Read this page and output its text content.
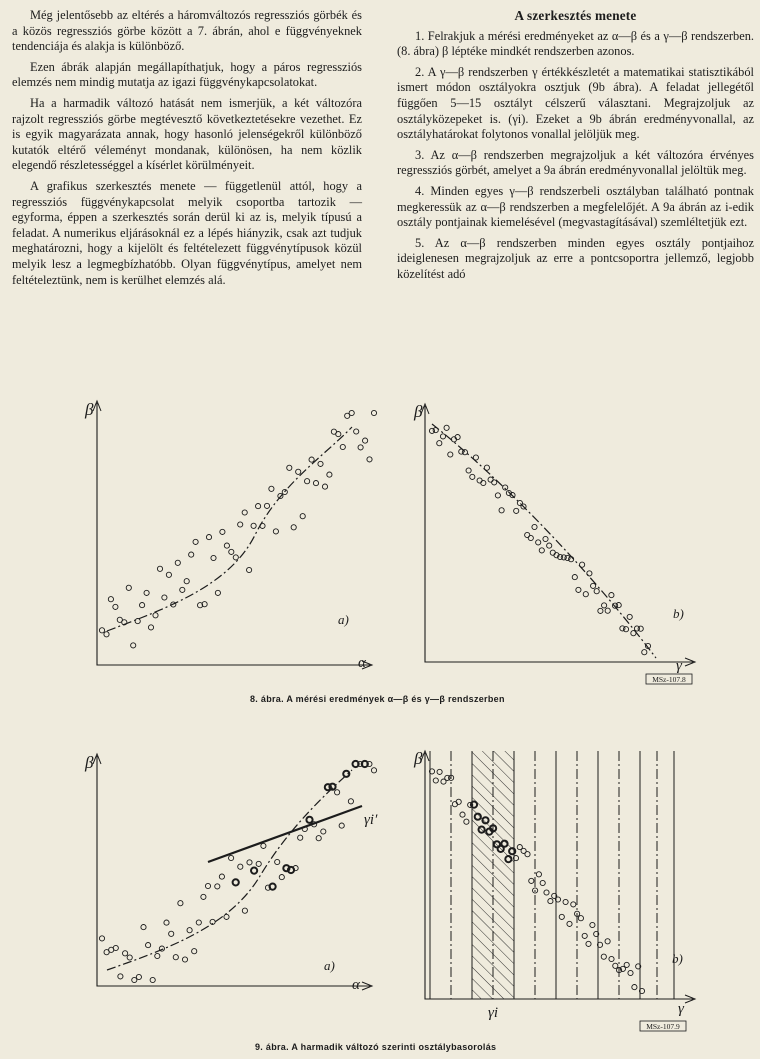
Még jelentősebb az eltérés a háromváltozós regressziós görbék és a közös regressziós görbe között a 7. ábrán, ahol e függvényeknek tendenciája és alakja is különböző.

Ezen ábrák alapján megállapíthatjuk, hogy a páros regressziós elemzés nem mindig mutatja az igazi függvénykapcsolatokat.

Ha a harmadik változó hatását nem ismerjük, a két változóra rajzolt regressziós görbe megtévesztő következtetésekre vezethet. Ez is egyik magyarázata annak, hogy hasonló jelenségekről különböző kutatók eltérő véleményt mondanak, különösen, ha nem közlik elegendő részletességgel a kísérlet körülményeit.

A grafikus szerkesztés menete — függetlenül attól, hogy a regressziós függvénykapcsolat melyik csoportba tartozik — egyforma, éppen a szerkesztés során derül ki az is, melyik típusú a feladat. A numerikus eljárásoknál ez a lépés hiányzik, csak azt tudjuk meghatározni, hogy a kijelölt és feltételezett függvénytípusok közül melyik lesz a legmegbízhatóbb. Olyan függvénytípus, amelyet nem feltételeztünk, nem is kerülhet elemzés alá.

A szerkesztés menete

1. Felrakjuk a mérési eredményeket az α—β és a γ—β rendszerben. (8. ábra) β léptéke mindkét rendszerben azonos.

2. A γ—β rendszerben γ értékkészletét a matematikai statisztikából ismert módon osztályokra osztjuk (9b ábra). A feladat jellegétől függően 5—15 osztályt célszerű választani. Megrajzoljuk az osztályközepeket is. (γi). Ezeket a 9b ábrán eredményvonallal, az osztályhatárokat folytonos vonallal jelöljük meg.

3. Az α—β rendszerben megrajzoljuk a két változóra érvényes regressziós görbét, amelyet a 9a ábrán eredményvonallal jelöltük meg.

4. Minden egyes γ—β rendszerbeli osztályban található pontnak megkeressük az α—β rendszerben a megfelelőjét. A 9a ábrán az i-edik osztály pontjainak kiemelésével (megvastagításával) szemléltetjük ezt.

5. Az α—β rendszerben minden egyes osztály pontjaihoz ideiglenesen megrajzoljuk az erre a pontcsoportra jellemző, legjobb közelítést adó

β
α
a)
β
γ
b)
MSz-107.8
8. ábra. A mérési eredmények α—β és γ—β rendszerben
β
α
a)
γi′
β
γ
b)
γi
MSz-107.9
9. ábra. A harmadik változó szerinti osztálybasorolás
